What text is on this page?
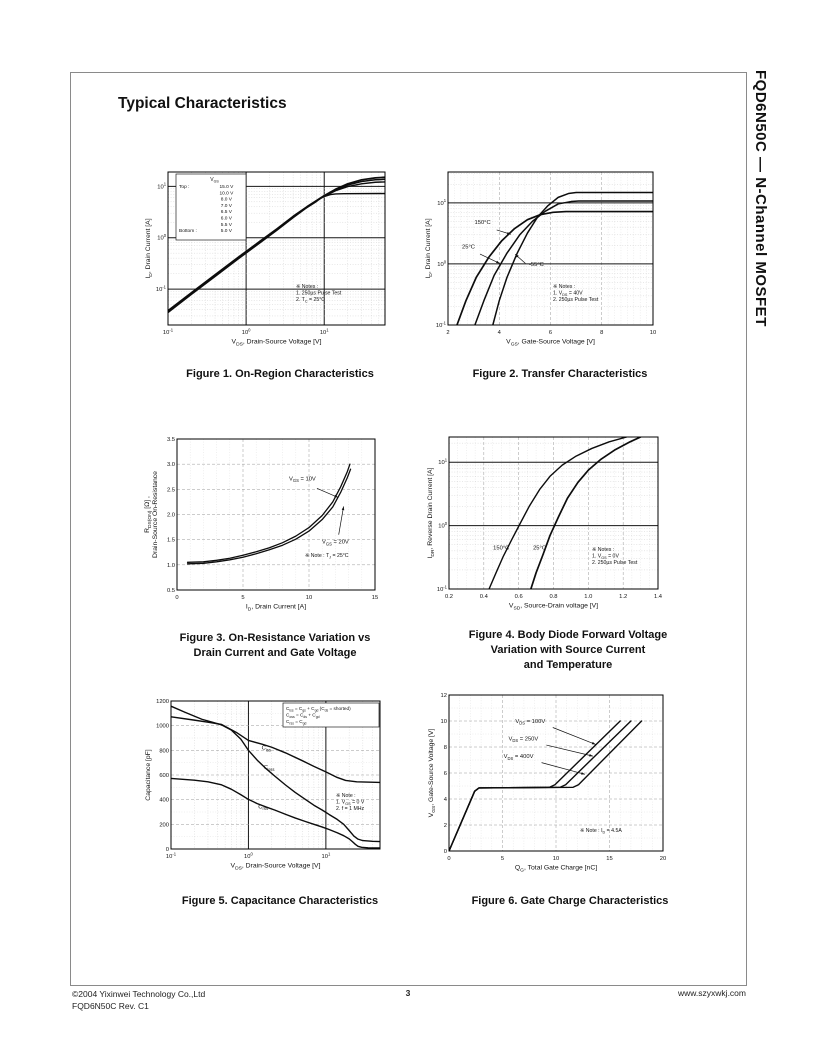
Typical Characteristics	FQD6N50C — N-Channel MOSFET
$10^{-1}$
$10^0$
$10^1$
$10^{-1}$
$10^0$
$10^1$
$V_{DS}$, Drain-Source Voltage [V]
$I_D$, Drain Current [A]
$V_{GS}$
Top :	15.0 V
10.0 V
8.0 V
7.0 V
6.5 V
6.0 V
5.5 V
Bottom :	5.0 V
※ Notes :
1. 250µs Pulse Test
2. $T_C = 25^\circ C$
2	4	6	8	10
$10^{-1}$
$10^0$
$10^1$
$V_{GS}$, Gate-Source Voltage [V]
$I_D$, Drain Current [A]
※ Notes :
1. $V_{DS} = 40V$
2. 250µs Pulse Test
150°C
25°C
-55°C
0	5	10	15
0.5
1.0
1.5
2.0
2.5
3.0
3.5
$I_D$, Drain Current [A]
$R_{DS(ON)}$ [Ω] , Drain-Source On-Resistance	※ Note : $T_J = 25^\circ C$
$V_{GS} = 10V$
$V_{GS} = 20V$
0.2	0.4	0.6	0.8	1.0	1.2	1.4
$10^{-1}$
$10^0$
$10^1$
$V_{SD}$, Source-Drain voltage [V]
$I_{DR}$, Reverse Drain Current [A]
※ Notes :
1. $V_{GS} = 0V$
2. 250µs Pulse Test
150°C	25°C
$10^{-1}$
$10^0$
$10^1$
0
200
400
600
800
1000
1200
$V_{DS}$, Drain-Source Voltage [V]
Capacitance [pF]
$C_{iss} = C_{gs} + C_{gd}$ ($C_{ds}$ = shorted)
$C_{oss} = C_{ds} + C_{gd}$
$C_{rss} = C_{gd}$
※ Note :
1. $V_{GS} = 0$ V
2. f = 1 MHz
$C_{iss}$
$C_{oss}$
$C_{rss}$
0	5	10	15	20
0
2
4
6
8
10
12
$Q_G$, Total Gate Charge [nC]
$V_{GS}$, Gate-Source Voltage [V]
※ Note : $I_D = 4.5A$
$V_{DS} = 100V$
$V_{DS} = 250V$
$V_{DS} = 400V$
Figure 1. On-Region Characteristics	Figure 2. Transfer Characteristics
Figure 3. On-Resistance Variation vs
Drain Current and Gate Voltage
Figure 4. Body Diode Forward Voltage
Variation with Source Current
and Temperature
Figure 5. Capacitance Characteristics	Figure 6. Gate Charge Characteristics
©2004 Yixinwei Technology Co.,Ltd
FQD6N50C Rev. C1
3	www.szyxwkj.com
